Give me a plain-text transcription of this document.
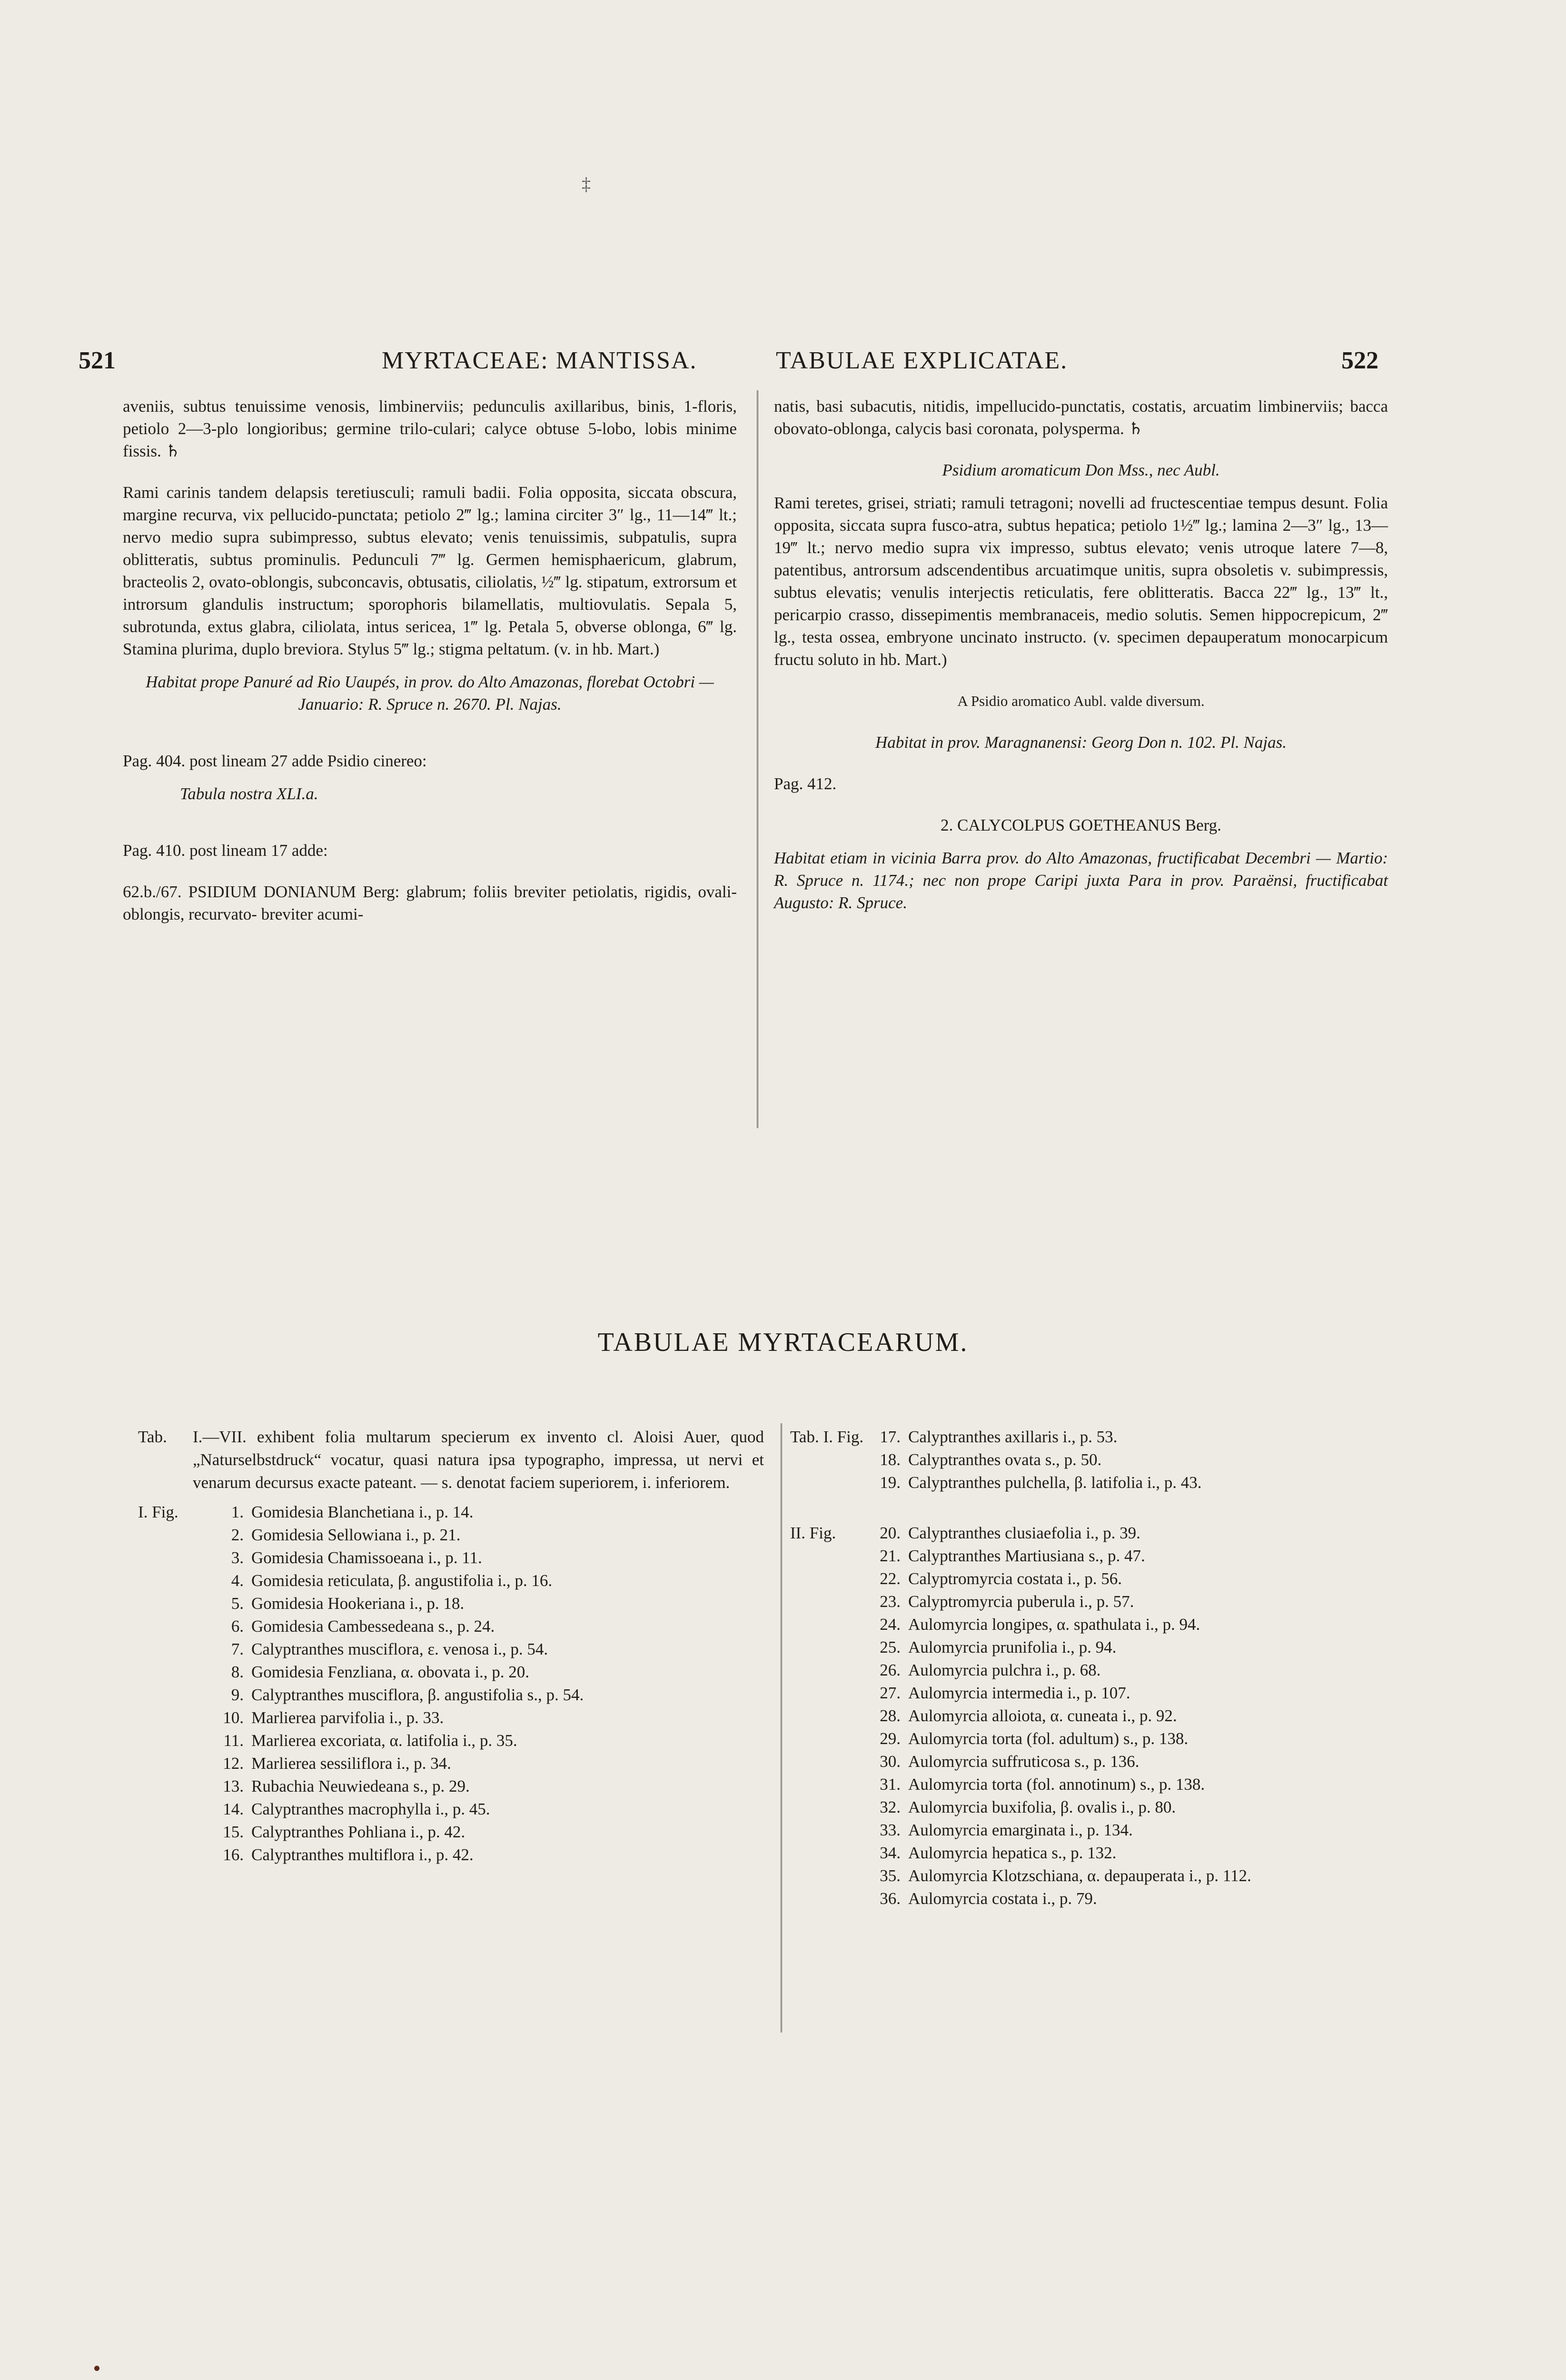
‡
521	MYRTACEAE: MANTISSA.	TABULAE EXPLICATAE.	522

aveniis, subtus tenuissime venosis, limbinerviis; pedunculis axillaribus, binis, 1-floris, petiolo 2—3-plo longioribus; germine trilo-culari; calyce obtuse 5-lobo, lobis minime fissis. ♄

Rami carinis tandem delapsis teretiusculi; ramuli badii. Folia opposita, siccata obscura, margine recurva, vix pellucido-punctata; petiolo 2‴ lg.; lamina circiter 3″ lg., 11—14‴ lt.; nervo medio supra subimpresso, subtus elevato; venis tenuissimis, subpatulis, supra oblitteratis, subtus prominulis. Pedunculi 7‴ lg. Germen hemisphaericum, glabrum, bracteolis 2, ovato-oblongis, subconcavis, obtusatis, ciliolatis, ½‴ lg. stipatum, extrorsum et introrsum glandulis instructum; sporophoris bilamellatis, multiovulatis. Sepala 5, subrotunda, extus glabra, ciliolata, intus sericea, 1‴ lg. Petala 5, obverse oblonga, 6‴ lg. Stamina plurima, duplo breviora. Stylus 5‴ lg.; stigma peltatum. (v. in hb. Mart.)

Habitat prope Panuré ad Rio Uaupés, in prov. do Alto Amazonas, florebat Octobri — Januario: R. Spruce n. 2670. Pl. Najas.

Pag. 404. post lineam 27 adde Psidio cinereo:

Tabula nostra XLI.a.

Pag. 410. post lineam 17 adde:

62.b./67. PSIDIUM DONIANUM Berg: glabrum; foliis breviter petiolatis, rigidis, ovali-oblongis, recurvato- breviter acumi-

natis, basi subacutis, nitidis, impellucido-punctatis, costatis, arcuatim limbinerviis; bacca obovato-oblonga, calycis basi coronata, polysperma. ♄

Psidium aromaticum Don Mss., nec Aubl.

Rami teretes, grisei, striati; ramuli tetragoni; novelli ad fructescentiae tempus desunt. Folia opposita, siccata supra fusco-atra, subtus hepatica; petiolo 1½‴ lg.; lamina 2—3″ lg., 13—19‴ lt.; nervo medio supra vix impresso, subtus elevato; venis utroque latere 7—8, patentibus, antrorsum adscendentibus arcuatimque unitis, supra obsoletis v. subimpressis, subtus elevatis; venulis interjectis reticulatis, fere oblitteratis. Bacca 22‴ lg., 13‴ lt., pericarpio crasso, dissepimentis membranaceis, medio solutis. Semen hippocrepicum, 2‴ lg., testa ossea, embryone uncinato instructo. (v. specimen depauperatum monocarpicum fructu soluto in hb. Mart.)

A Psidio aromatico Aubl. valde diversum.

Habitat in prov. Maragnanensi: Georg Don n. 102. Pl. Najas.

Pag. 412.

2. CALYCOLPUS GOETHEANUS Berg.

Habitat etiam in vicinia Barra prov. do Alto Amazonas, fructificabat Decembri — Martio: R. Spruce n. 1174.; nec non prope Caripi juxta Para in prov. Paraënsi, fructificabat Augusto: R. Spruce.

TABULAE MYRTACEARUM.
Tab.	I.—VII. exhibent folia multarum specierum ex invento cl. Aloisi Auer, quod „Naturselbstdruck“ vocatur, quasi natura ipsa typographo, impressa, ut nervi et venarum decursus exacte pateant. — s. denotat faciem superiorem, i. inferiorem.

I. Fig.	1. Gomidesia Blanchetiana i., p. 14.
2. Gomidesia Sellowiana i., p. 21.
3. Gomidesia Chamissoeana i., p. 11.
4. Gomidesia reticulata, β. angustifolia i., p. 16.
5. Gomidesia Hookeriana i., p. 18.
6. Gomidesia Cambessedeana s., p. 24.
7. Calyptranthes musciflora, ε. venosa i., p. 54.
8. Gomidesia Fenzliana, α. obovata i., p. 20.
9. Calyptranthes musciflora, β. angustifolia s., p. 54.
10. Marlierea parvifolia i., p. 33.
11. Marlierea excoriata, α. latifolia i., p. 35.
12. Marlierea sessiliflora i., p. 34.
13. Rubachia Neuwiedeana s., p. 29.
14. Calyptranthes macrophylla i., p. 45.
15. Calyptranthes Pohliana i., p. 42.
16. Calyptranthes multiflora i., p. 42.
Tab. I. Fig. 17. Calyptranthes axillaris i., p. 53.
18. Calyptranthes ovata s., p. 50.
19. Calyptranthes pulchella, β. latifolia i., p. 43.
II. Fig.	20. Calyptranthes clusiaefolia i., p. 39.
21. Calyptranthes Martiusiana s., p. 47.
22. Calyptromyrcia costata i., p. 56.
23. Calyptromyrcia puberula i., p. 57.
24. Aulomyrcia longipes, α. spathulata i., p. 94.
25. Aulomyrcia prunifolia i., p. 94.
26. Aulomyrcia pulchra i., p. 68.
27. Aulomyrcia intermedia i., p. 107.
28. Aulomyrcia alloiota, α. cuneata i., p. 92.
29. Aulomyrcia torta (fol. adultum) s., p. 138.
30. Aulomyrcia suffruticosa s., p. 136.
31. Aulomyrcia torta (fol. annotinum) s., p. 138.
32. Aulomyrcia buxifolia, β. ovalis i., p. 80.
33. Aulomyrcia emarginata i., p. 134.
34. Aulomyrcia hepatica s., p. 132.
35. Aulomyrcia Klotzschiana, α. depauperata i., p. 112.
36. Aulomyrcia costata i., p. 79.
